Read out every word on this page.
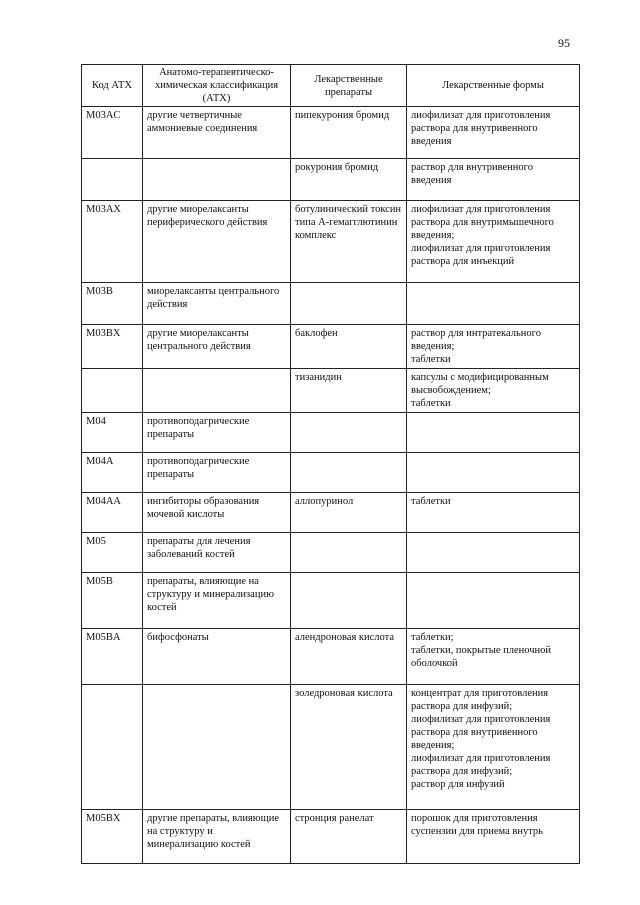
95
Код АТХ	Анатомо-терапевтическо-химическая классификация (АТХ)	Лекарственные препараты	Лекарственные формы
M03AC	другие четвертичные аммониевые соединения	пипекурония бромид	лиофилизат для приготовления раствора для внутривенного введения
		рокурония бромид	раствор для внутривенного введения
M03AX	другие миорелаксанты периферического действия	ботулинический токсин типа А-гемагглютинин комплекс	лиофилизат для приготовления раствора для внутримышечного введения;
лиофилизат для приготовления раствора для инъекций
M03B	миорелаксанты центрального действия		
M03BX	другие миорелаксанты центрального действия	баклофен	раствор для интратекального введения;
таблетки
		тизанидин	капсулы с модифицированным высвобождением;
таблетки
M04	противоподагрические препараты		
M04A	противоподагрические препараты		
M04AA	ингибиторы образования мочевой кислоты	аллопуринол	таблетки
M05	препараты для лечения заболеваний костей		
M05B	препараты, влияющие на структуру и минерализацию костей		
M05BA	бифосфонаты	алендроновая кислота	таблетки;
таблетки, покрытые пленочной оболочкой
		золедроновая кислота	концентрат для приготовления раствора для инфузий;
лиофилизат для приготовления раствора для внутривенного введения;
лиофилизат для приготовления раствора для инфузий;
раствор для инфузий
M05BX	другие препараты, влияющие на структуру и минерализацию костей	стронция ранелат	порошок для приготовления суспензии для приема внутрь
